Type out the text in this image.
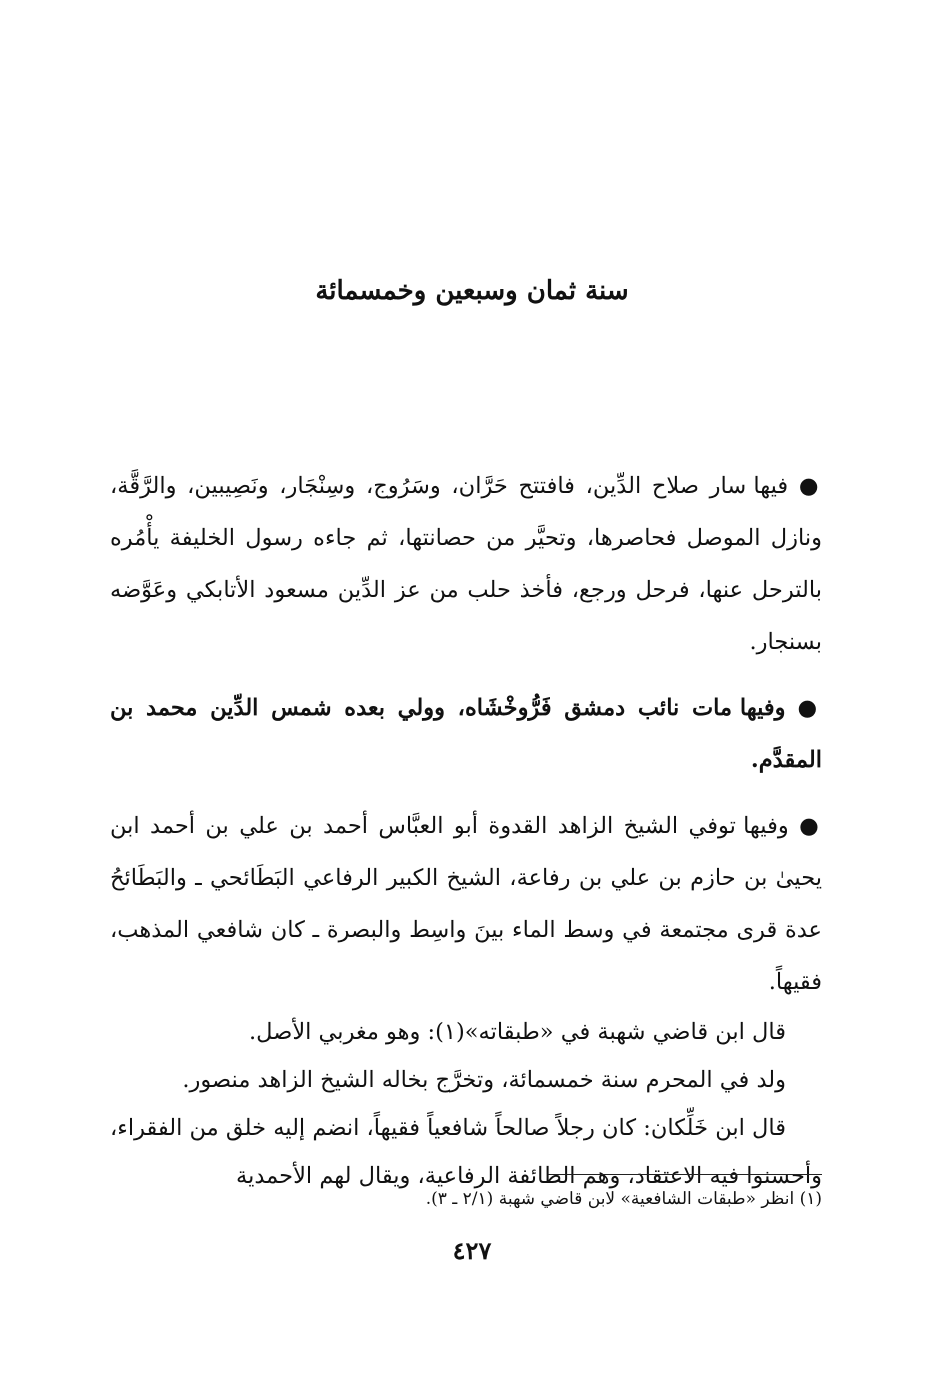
سنة ثمان وسبعين وخمسمائة

● فيها سار صلاح الدِّين، فافتتح حَرَّان، وسَرُوج، وسِنْجَار، ونَصِيبين، والرَّقَّة، ونازل الموصل فحاصرها، وتحيَّر من حصانتها، ثم جاءه رسول الخليفة يأْمُره بالترحل عنها، فرحل ورجع، فأخذ حلب من عز الدِّين مسعود الأتابكي وعَوَّضه بسنجار.

● وفيها مات نائب دمشق فَرُّوخْشَاه، وولي بعده شمس الدِّين محمد بن المقدَّم.

● وفيها توفي الشيخ الزاهد القدوة أبو العبَّاس أحمد بن علي بن أحمد ابن يحيىٰ بن حازم بن علي بن رفاعة، الشيخ الكبير الرفاعي البَطَائحي ـ والبَطَائحُ عدة قرى مجتمعة في وسط الماء بينَ واسِط والبصرة ـ كان شافعي المذهب، فقيهاً.

قال ابن قاضي شهبة في «طبقاته»(١): وهو مغربي الأصل.

ولد في المحرم سنة خمسمائة، وتخرَّج بخاله الشيخ الزاهد منصور.

قال ابن خَلِّكان: كان رجلاً صالحاً شافعياً فقيهاً، انضم إليه خلق من الفقراء، وأحسنوا فيه الاعتقاد، وهم الطائفة الرفاعية، ويقال لهم الأحمدية

(١) انظر «طبقات الشافعية» لابن قاضي شهبة (٢/١ ـ ٣).
٤٢٧
